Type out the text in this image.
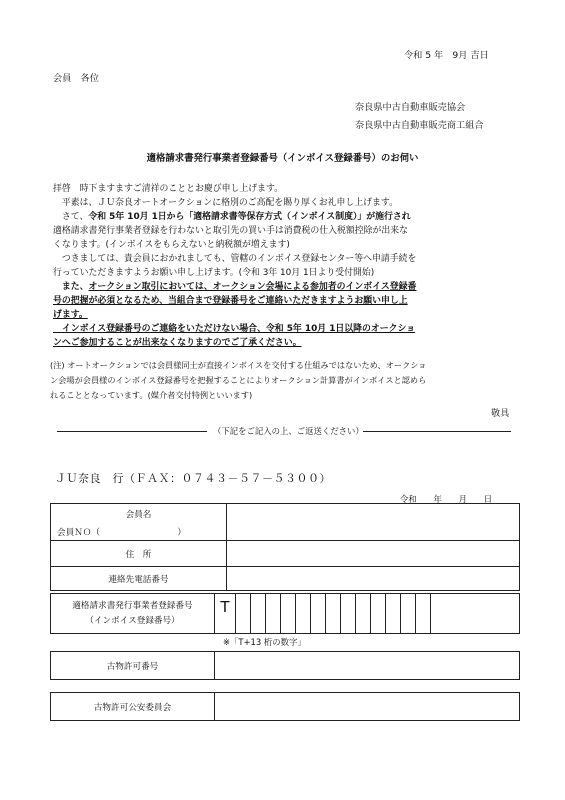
令和 5 年　9月 吉日
会員　各位
奈良県中古自動車販売協会
奈良県中古自動車販売商工組合
適格請求書発行事業者登録番号（インボイス登録番号）のお伺い

拝啓　時下ますますご清祥のこととお慶び申し上げます。

　平素は、ＪＵ奈良オートオークションに格別のご高配を賜り厚くお礼申し上げます。

　さて、令和 5年 10月 1日から「適格請求書等保存方式（インボイス制度）」が施行され

適格請求書発行事業者登録を行わないと取引先の買い手は消費税の仕入税額控除が出来な

くなります。(インボイスをもらえないと納税額が増えます)

　つきましては、貴会員におかれましても、管轄のインボイス登録センター等へ申請手続を

行っていただきますようお願い申し上げます。(令和 3年 10月 1日より受付開始)

　また、オークション取引においては、オークション会場による参加者のインボイス登録番

号の把握が必須となるため、当組合まで登録番号をご連絡いただきますようお願い申し上

げます。

　インボイス登録番号のご連絡をいただけない場合、令和 5年 10月 1日以降のオークショ

ンへご参加することが出来なくなりますのでご了承ください。

(注) オートオークションでは会員様同士が直接インボイスを交付する仕組みではないため、オークショ

ン会場が会員様のインボイス登録番号を把握することによりオークション計算書がインボイスと認めら

れることとなっています。(媒介者交付特例といいます)

敬具
（下記をご記入の上、ご返送ください）
ＪＵ奈良　行（ＦＡＸ：０７４３－５７－５３００）
令和　　年　　月　　日
会員名
会員ＮＯ（　　　　　　　　　）	

住　所	
連絡先電話番号	
適格請求書発行事業者登録番号
（インボイス登録番号）
	T														
※「T+13 桁の数字」
古物許可番号	
古物許可公安委員会	
